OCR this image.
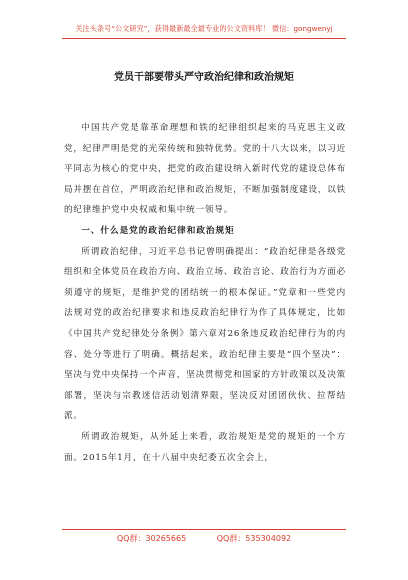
关注头条号“公文研究”，获得最新最全最专业的公文资料库！ 微信：gongwenyj
党员干部要带头严守政治纪律和政治规矩

中国共产党是靠革命理想和铁的纪律组织起来的马克思主义政党，纪律严明是党的光荣传统和独特优势。党的十八大以来，以习近平同志为核心的党中央，把党的政治建设纳入新时代党的建设总体布局并摆在首位，严明政治纪律和政治规矩，不断加强制度建设，以铁的纪律维护党中央权威和集中统一领导。

一、什么是党的政治纪律和政治规矩

所谓政治纪律，习近平总书记曾明确提出：“政治纪律是各级党组织和全体党员在政治方向、政治立场、政治言论、政治行为方面必须遵守的规矩，是维护党的团结统一的根本保证。”党章和一些党内法规对党的政治纪律要求和违反政治纪律行为作了具体规定，比如《中国共产党纪律处分条例》第六章对26条违反政治纪律行为的内容、处分等进行了明确。概括起来，政治纪律主要是“四个坚决”：坚决与党中央保持一个声音，坚决贯彻党和国家的方针政策以及决策部署，坚决与宗教迷信活动划清界限，坚决反对团团伙伙、拉帮结派。

所谓政治规矩，从外延上来看，政治规矩是党的规矩的一个方面。2015年1月，在十八届中央纪委五次全会上，

QQ群：30265665	QQ群：535304092
